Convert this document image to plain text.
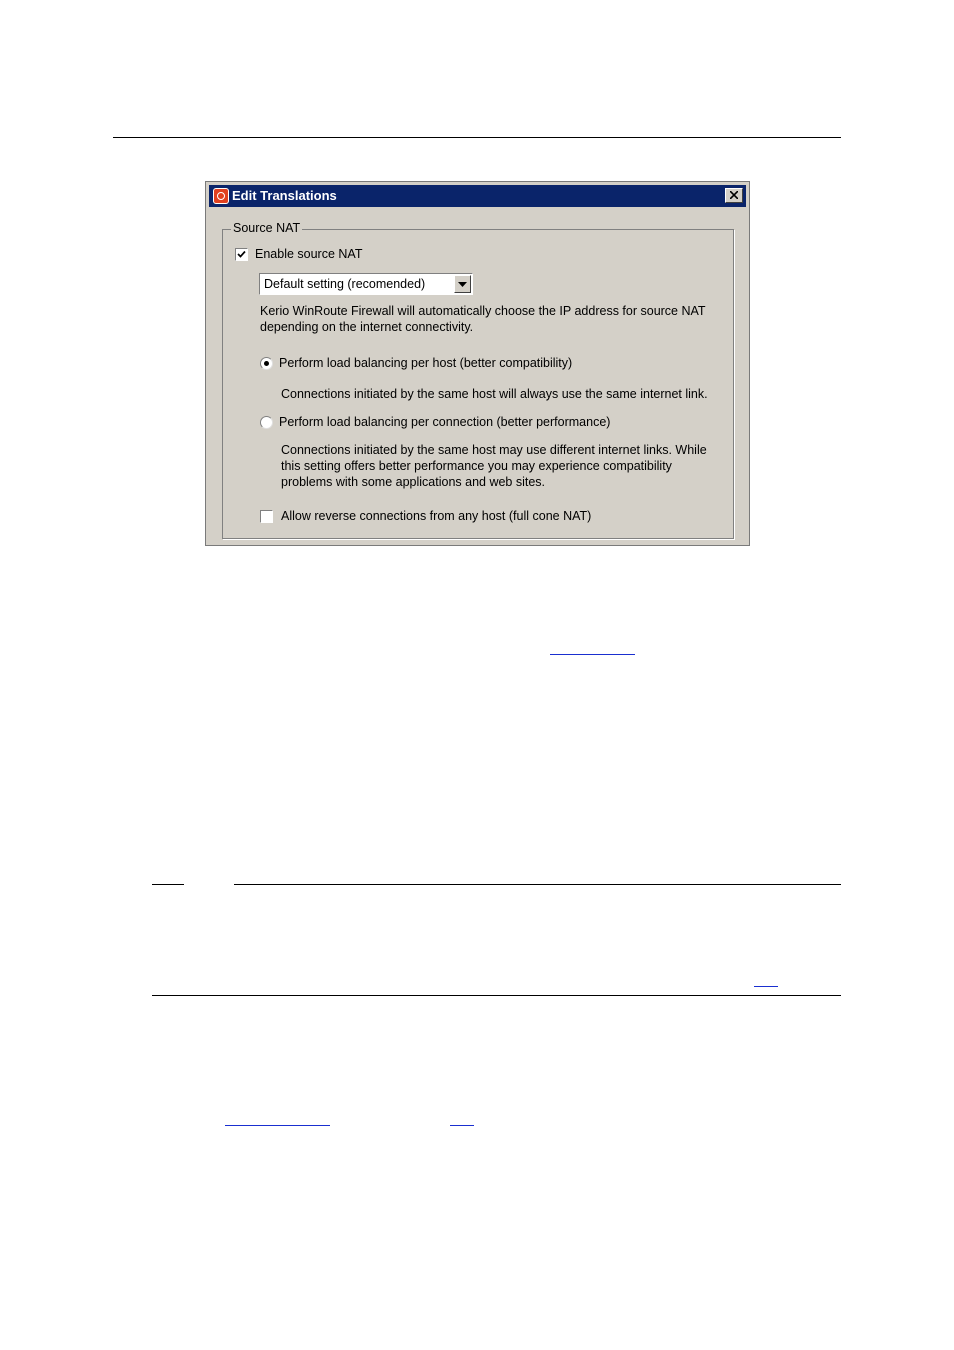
Edit Translations
Source NAT
Enable source NAT
Default setting (recomended)
Kerio WinRoute Firewall will automatically choose the IP address for source NAT depending on the internet connectivity.
Perform load balancing per host (better compatibility)
Connections initiated by the same host will always use the same internet link.
Perform load balancing per connection (better performance)
Connections initiated by the same host may use different internet links. While this setting offers better performance you may experience compatibility problems with some applications and web sites.
Allow reverse connections from any host (full cone NAT)
